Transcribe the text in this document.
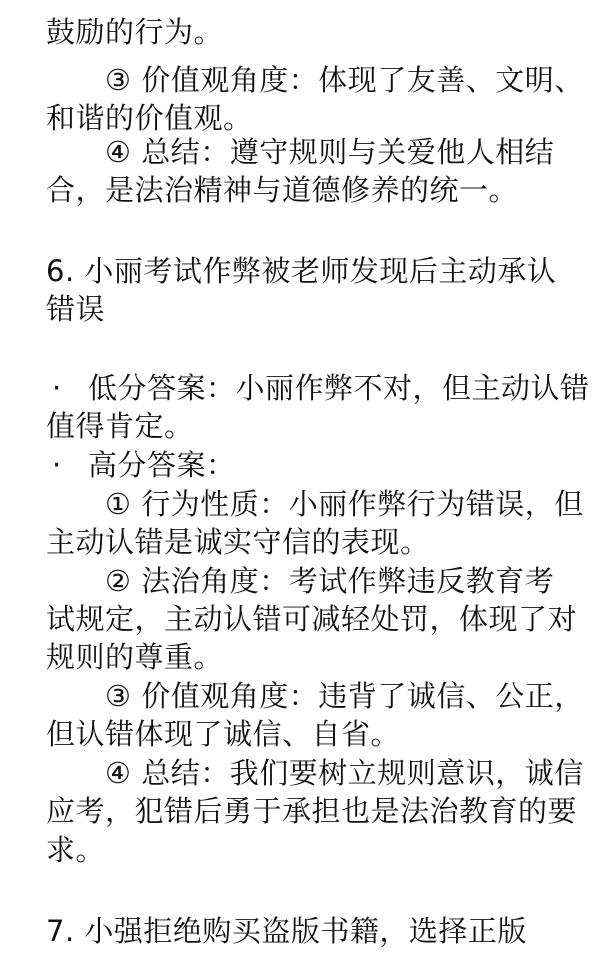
鼓励的行为。
③ 价值观角度：体现了友善、文明、
和谐的价值观。
④ 总结：遵守规则与关爱他人相结
合，是法治精神与道德修养的统一。
6. 小丽考试作弊被老师发现后主动承认
错误
· 低分答案：小丽作弊不对，但主动认错
值得肯定。
· 高分答案：
① 行为性质：小丽作弊行为错误，但
主动认错是诚实守信的表现。
② 法治角度：考试作弊违反教育考
试规定，主动认错可减轻处罚，体现了对
规则的尊重。
③ 价值观角度：违背了诚信、公正，
但认错体现了诚信、自省。
④ 总结：我们要树立规则意识，诚信
应考，犯错后勇于承担也是法治教育的要
求。
7. 小强拒绝购买盗版书籍，选择正版
